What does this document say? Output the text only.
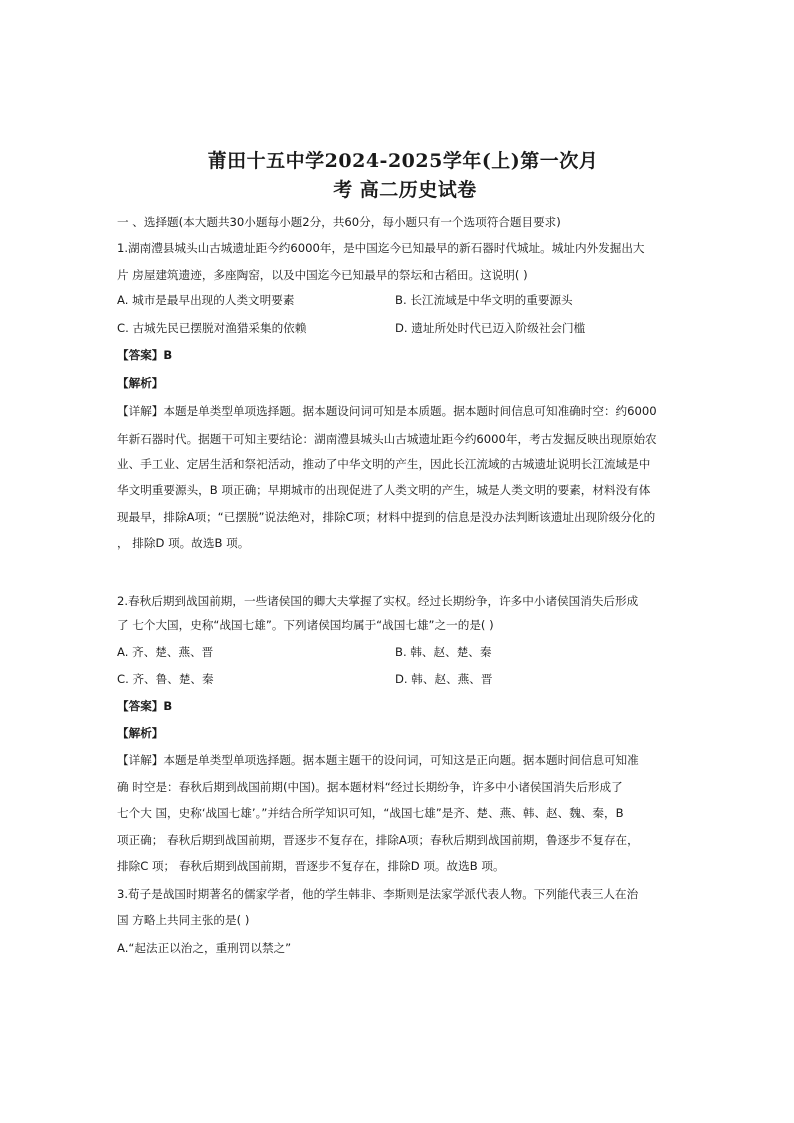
莆田十五中学2024-2025学年(上)第一次月
考 高二历史试卷
一 、选择题(本大题共30小题每小题2分，共60分，每小题只有一个选项符合题目要求)
1.湖南澧县城头山古城遗址距今约6000年，是中国迄今已知最早的新石器时代城址。城址内外发掘出大
片 房屋建筑遗迹，多座陶窑，以及中国迄今已知最早的祭坛和古稻田。这说明( )
A. 城市是最早出现的人类文明要素	B. 长江流域是中华文明的重要源头
C. 古城先民已摆脱对渔猎采集的依赖	D. 遗址所处时代已迈入阶级社会门槛
【答案】B
【解析】
【详解】本题是单类型单项选择题。据本题设问词可知是本质题。据本题时间信息可知准确时空：约6000
年新石器时代。据题干可知主要结论：湖南澧县城头山古城遗址距今约6000年，考古发掘反映出现原始农
业、手工业、定居生活和祭祀活动，推动了中华文明的产生，因此长江流域的古城遗址说明长江流域是中
华文明重要源头，B 项正确；早期城市的出现促进了人类文明的产生，城是人类文明的要素，材料没有体
现最早，排除A项；“已摆脱”说法绝对，排除C项；材料中提到的信息是没办法判断该遗址出现阶级分化的
， 排除D 项。故选B 项。
2.春秋后期到战国前期，一些诸侯国的卿大夫掌握了实权。经过长期纷争，许多中小诸侯国消失后形成
了 七个大国，史称“战国七雄”。下列诸侯国均属于“战国七雄”之一的是( )
A. 齐、楚、燕、晋	B. 韩、赵、楚、秦
C. 齐、鲁、楚、秦	D. 韩、赵、燕、晋
【答案】B
【解析】
【详解】本题是单类型单项选择题。据本题主题干的设问词，可知这是正向题。据本题时间信息可知准
确 时空是：春秋后期到战国前期(中国)。据本题材料“经过长期纷争，许多中小诸侯国消失后形成了
七个大 国，史称‘战国七雄’。”并结合所学知识可知，“战国七雄”是齐、楚、燕、韩、赵、魏、秦，B
项正确； 春秋后期到战国前期，晋逐步不复存在，排除A项；春秋后期到战国前期，鲁逐步不复存在，
排除C 项； 春秋后期到战国前期，晋逐步不复存在，排除D 项。故选B 项。
3.荀子是战国时期著名的儒家学者，他的学生韩非、李斯则是法家学派代表人物。下列能代表三人在治
国 方略上共同主张的是( )
A.“起法正以治之，重刑罚以禁之”
